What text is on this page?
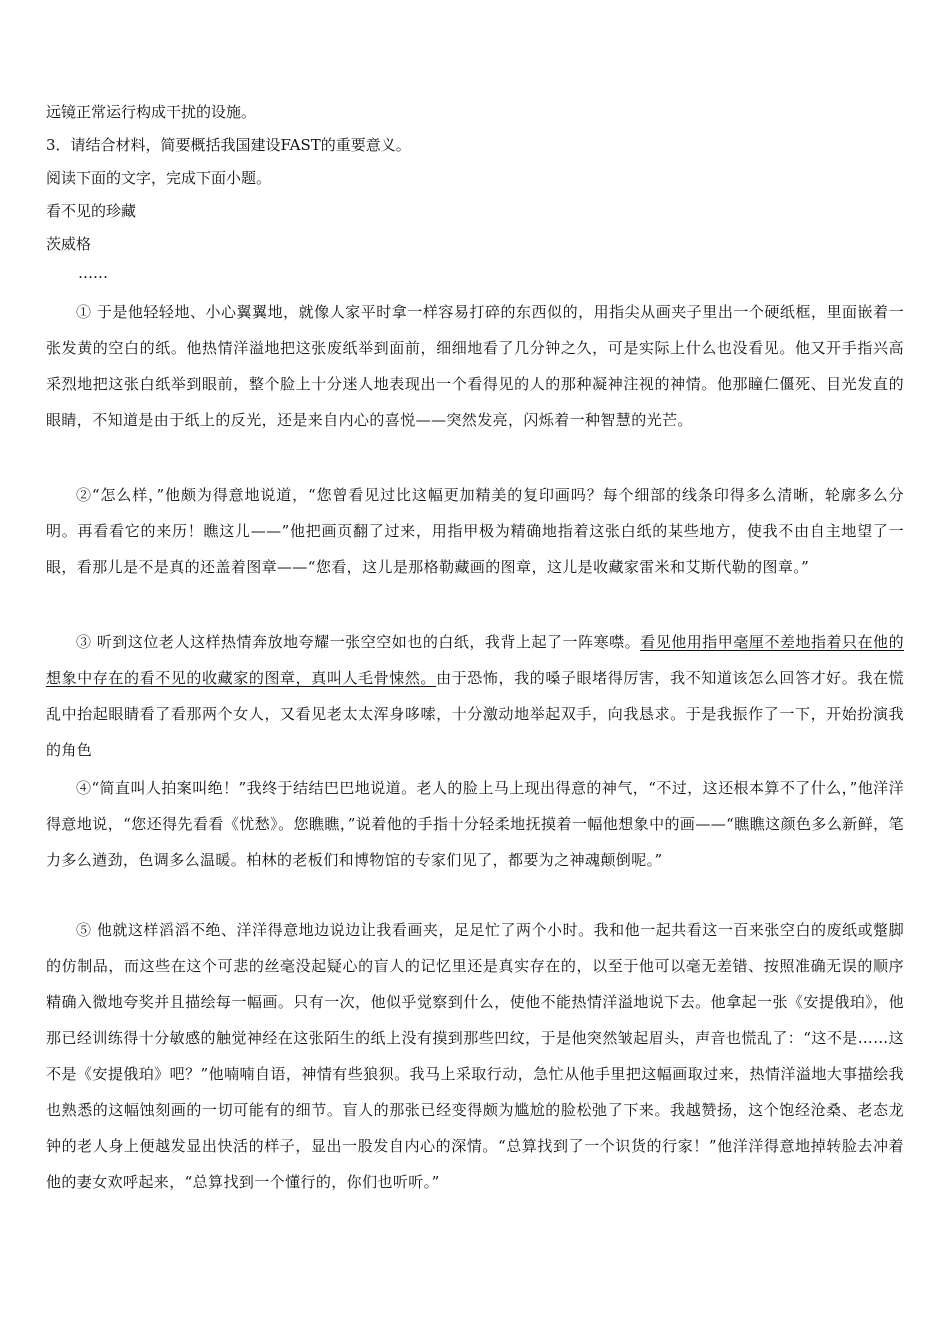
远镜正常运行构成干扰的设施。

3．请结合材料，简要概括我国建设FAST的重要意义。

阅读下面的文字，完成下面小题。

看不见的珍藏

茨威格

……

① 于是他轻轻地、小心翼翼地，就像人家平时拿一样容易打碎的东西似的，用指尖从画夹子里出一个硬纸框，里面嵌着一张发黄的空白的纸。他热情洋溢地把这张废纸举到面前，细细地看了几分钟之久，可是实际上什么也没看见。他又开手指兴高采烈地把这张白纸举到眼前，整个脸上十分迷人地表现出一个看得见的人的那种凝神注视的神情。他那瞳仁僵死、目光发直的眼睛，不知道是由于纸上的反光，还是来自内心的喜悦——突然发亮，闪烁着一种智慧的光芒。

②“怎么样，”他颇为得意地说道，“您曾看见过比这幅更加精美的复印画吗？每个细部的线条印得多么清晰，轮廓多么分明。再看看它的来历！瞧这儿——”他把画页翻了过来，用指甲极为精确地指着这张白纸的某些地方，使我不由自主地望了一眼，看那儿是不是真的还盖着图章——“您看，这儿是那格勒藏画的图章，这儿是收藏家雷米和艾斯代勒的图章。”

③ 听到这位老人这样热情奔放地夸耀一张空空如也的白纸，我背上起了一阵寒噤。看见他用指甲毫厘不差地指着只在他的想象中存在的看不见的收藏家的图章，真叫人毛骨悚然。由于恐怖，我的嗓子眼堵得厉害，我不知道该怎么回答才好。我在慌乱中抬起眼睛看了看那两个女人，又看见老太太浑身哆嗦，十分激动地举起双手，向我恳求。于是我振作了一下，开始扮演我的角色

④“简直叫人拍案叫绝！”我终于结结巴巴地说道。老人的脸上马上现出得意的神气，“不过，这还根本算不了什么，”他洋洋得意地说，“您还得先看看《忧愁》。您瞧瞧，”说着他的手指十分轻柔地抚摸着一幅他想象中的画——“瞧瞧这颜色多么新鲜，笔力多么遒劲，色调多么温暖。柏林的老板们和博物馆的专家们见了，都要为之神魂颠倒呢。”

⑤ 他就这样滔滔不绝、洋洋得意地边说边让我看画夹，足足忙了两个小时。我和他一起共看这一百来张空白的废纸或蹩脚的仿制品，而这些在这个可悲的丝毫没起疑心的盲人的记忆里还是真实存在的，以至于他可以毫无差错、按照准确无误的顺序精确入微地夸奖并且描绘每一幅画。只有一次，他似乎觉察到什么，使他不能热情洋溢地说下去。他拿起一张《安提俄珀》，他那已经训练得十分敏感的触觉神经在这张陌生的纸上没有摸到那些凹纹，于是他突然皱起眉头，声音也慌乱了：“这不是……这不是《安提俄珀》吧？”他喃喃自语，神情有些狼狈。我马上采取行动，急忙从他手里把这幅画取过来，热情洋溢地大事描绘我也熟悉的这幅蚀刻画的一切可能有的细节。盲人的那张已经变得颇为尴尬的脸松弛了下来。我越赞扬，这个饱经沧桑、老态龙钟的老人身上便越发显出快活的样子，显出一股发自内心的深情。“总算找到了一个识货的行家！”他洋洋得意地掉转脸去冲着他的妻女欢呼起来，“总算找到一个懂行的，你们也听听。”
